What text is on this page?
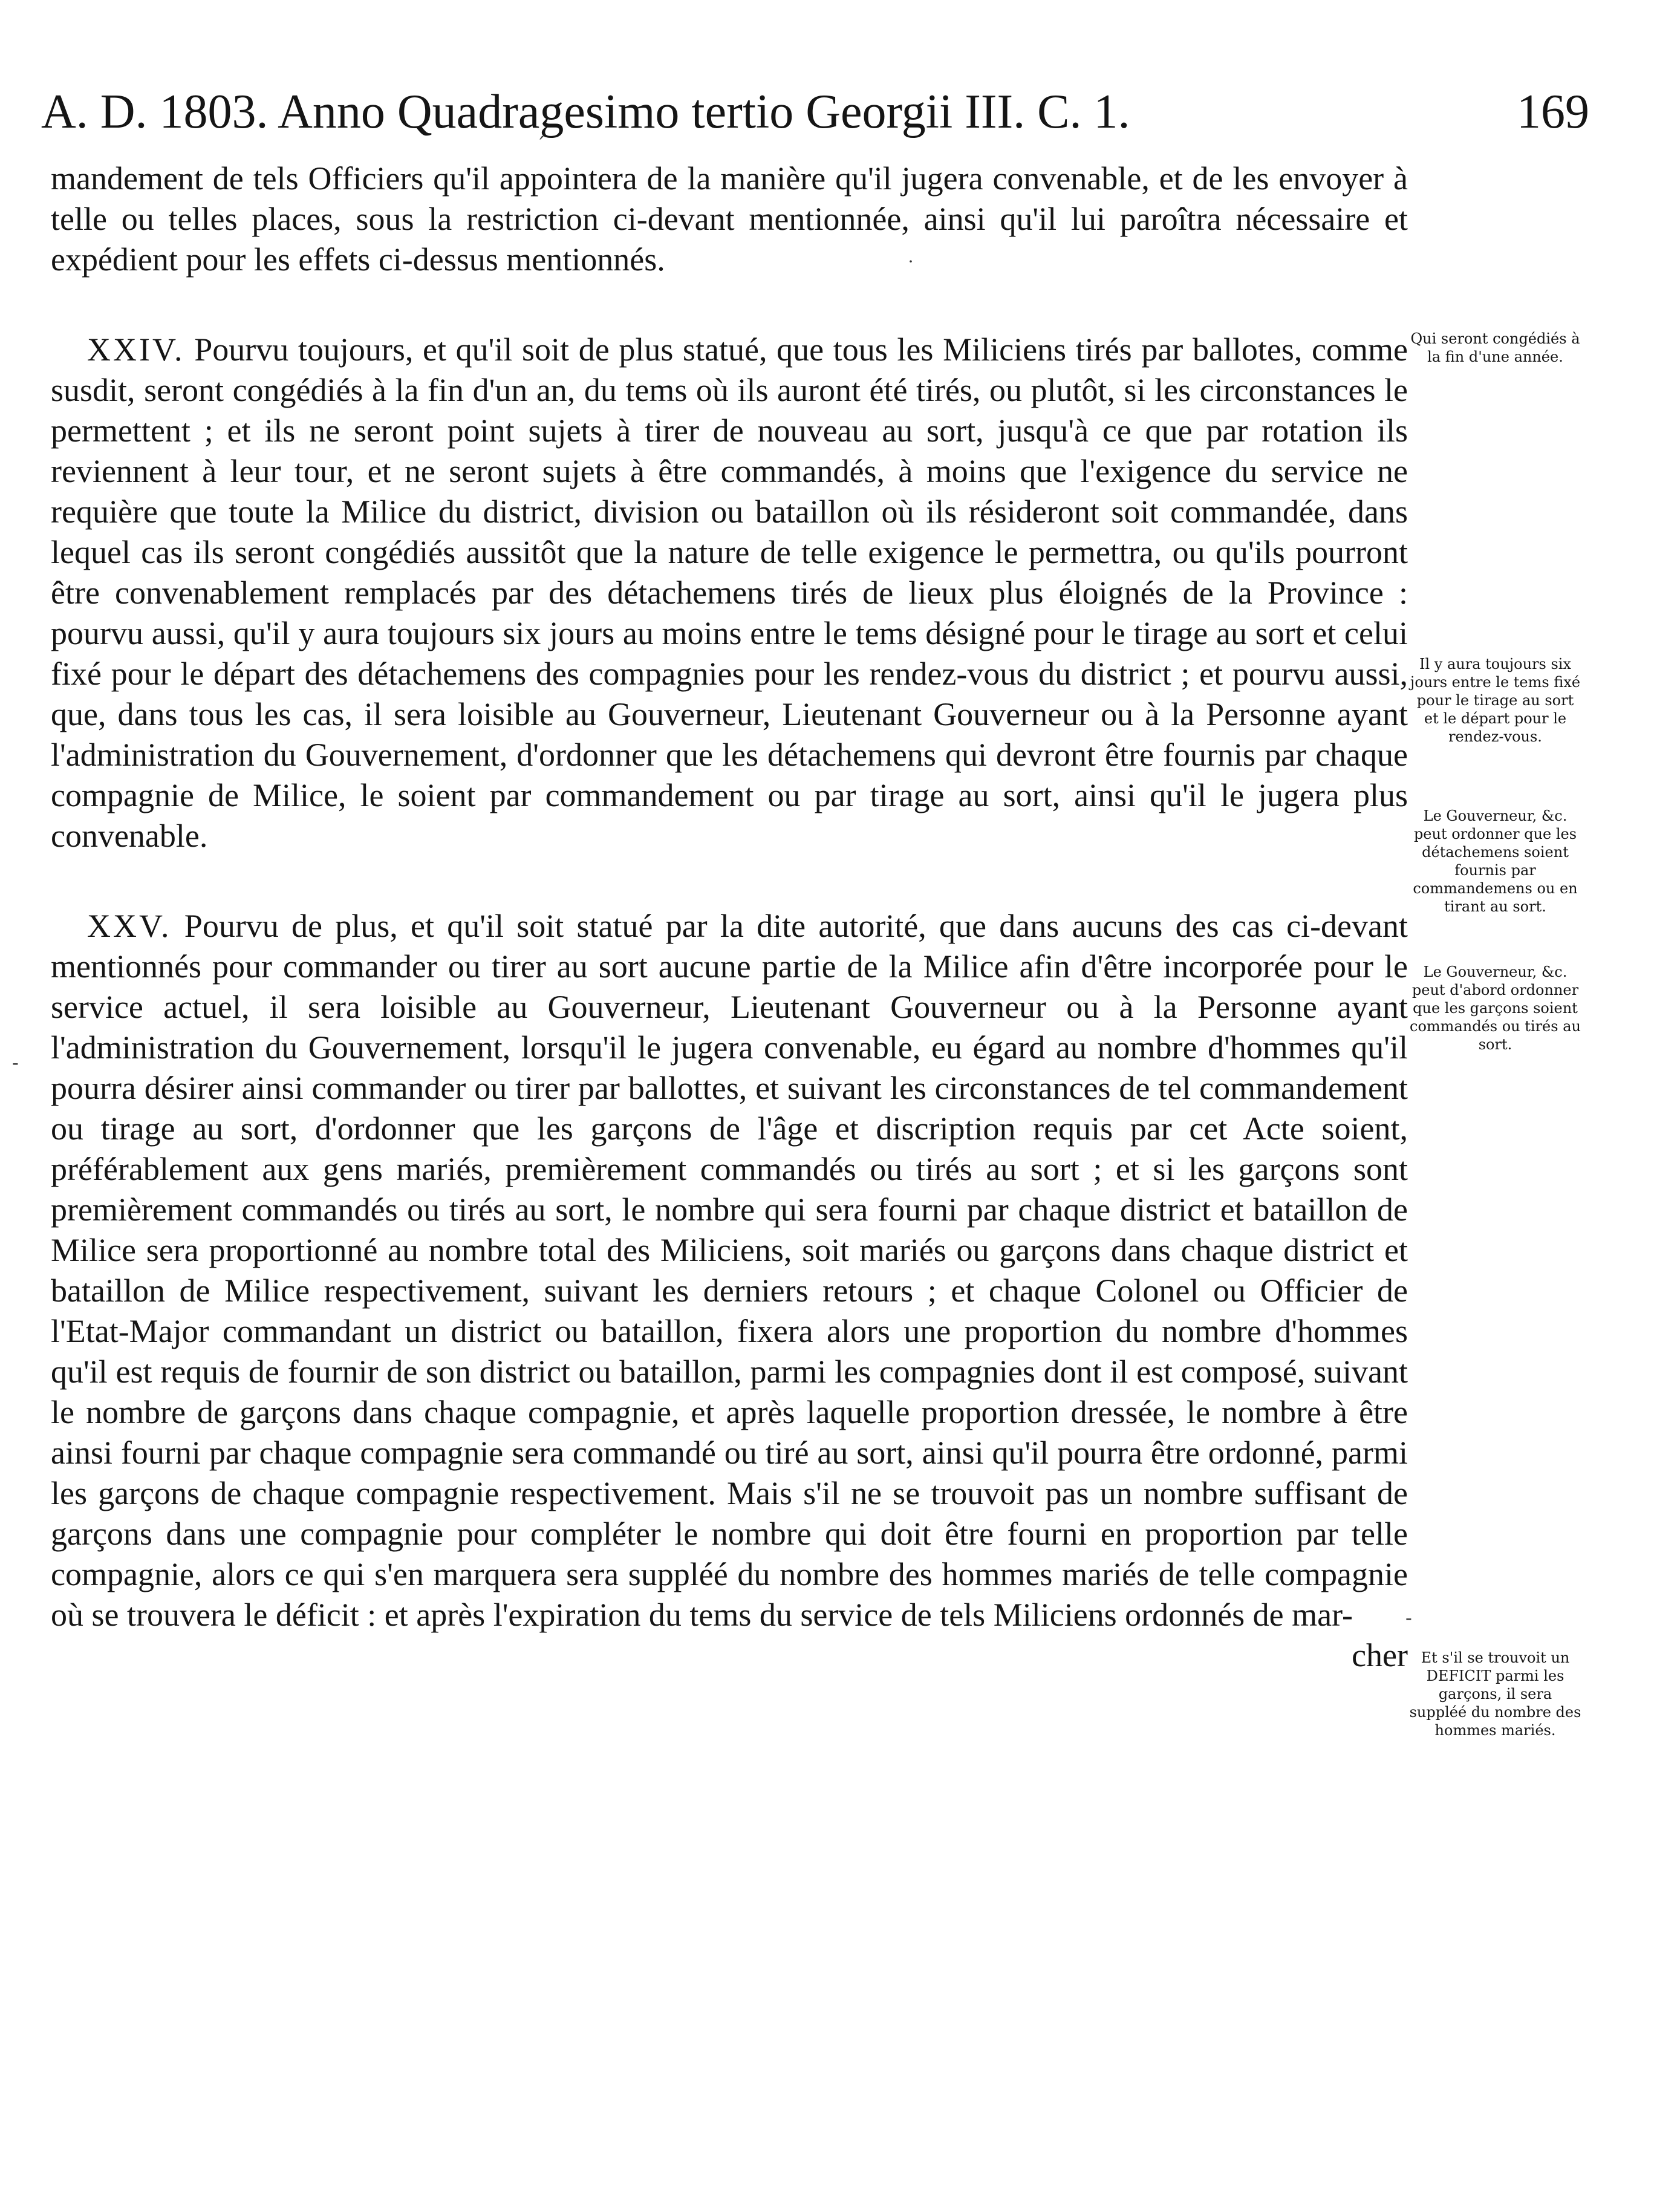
A. D. 1803. Anno Quadragesimo tertio Georgii III. C. 1.	169

mandement de tels Officiers qu'il appointera de la manière qu'il jugera convenable, et de les envoyer à telle ou telles places, sous la restriction ci-devant mentionnée, ainsi qu'il lui paroîtra nécessaire et expédient pour les effets ci-dessus mentionnés.

XXIV. Pourvu toujours, et qu'il soit de plus statué, que tous les Miliciens tirés par ballotes, comme susdit, seront congédiés à la fin d'un an, du tems où ils auront été tirés, ou plutôt, si les circonstances le permettent ; et ils ne seront point sujets à tirer de nouveau au sort, jusqu'à ce que par rotation ils reviennent à leur tour, et ne seront sujets à être commandés, à moins que l'exigence du service ne requière que toute la Milice du district, division ou bataillon où ils résideront soit commandée, dans lequel cas ils seront congédiés aussitôt que la nature de telle exigence le permettra, ou qu'ils pourront être convenablement remplacés par des détachemens tirés de lieux plus éloignés de la Province : pourvu aussi, qu'il y aura toujours six jours au moins entre le tems désigné pour le tirage au sort et celui fixé pour le départ des détachemens des compagnies pour les rendez-vous du district ; et pourvu aussi, que, dans tous les cas, il sera loisible au Gouverneur, Lieutenant Gouverneur ou à la Personne ayant l'administration du Gouvernement, d'ordonner que les détachemens qui devront être fournis par chaque compagnie de Milice, le soient par commandement ou par tirage au sort, ainsi qu'il le jugera plus convenable.

XXV. Pourvu de plus, et qu'il soit statué par la dite autorité, que dans aucuns des cas ci-devant mentionnés pour commander ou tirer au sort aucune partie de la Milice afin d'être incorporée pour le service actuel, il sera loisible au Gouverneur, Lieutenant Gouverneur ou à la Personne ayant l'administration du Gouvernement, lorsqu'il le jugera convenable, eu égard au nombre d'hommes qu'il pourra désirer ainsi commander ou tirer par ballottes, et suivant les circonstances de tel commandement ou tirage au sort, d'ordonner que les garçons de l'âge et discription requis par cet Acte soient, préférablement aux gens mariés, premièrement commandés ou tirés au sort ; et si les garçons sont premièrement commandés ou tirés au sort, le nombre qui sera fourni par chaque district et bataillon de Milice sera proportionné au nombre total des Miliciens, soit mariés ou garçons dans chaque district et bataillon de Milice respectivement, suivant les derniers retours ; et chaque Colonel ou Officier de l'Etat-Major commandant un district ou bataillon, fixera alors une proportion du nombre d'hommes qu'il est requis de fournir de son district ou bataillon, parmi les compagnies dont il est composé, suivant le nombre de garçons dans chaque compagnie, et après laquelle proportion dressée, le nombre à être ainsi fourni par chaque compagnie sera commandé ou tiré au sort, ainsi qu'il pourra être ordonné, parmi les garçons de chaque compagnie respectivement. Mais s'il ne se trouvoit pas un nombre suffisant de garçons dans une compagnie pour compléter le nombre qui doit être fourni en proportion par telle compagnie, alors ce qui s'en marquera sera suppléé du nombre des hommes mariés de telle compagnie où se trouvera le déficit : et après l'expiration du tems du service de tels Miliciens ordonnés de mar-

cher

Qui seront congédiés à la fin d'une année.
Il y aura toujours six jours entre le tems fixé pour le tirage au sort et le départ pour le rendez-vous.
Le Gouverneur, &c. peut ordonner que les détachemens soient fournis par commandemens ou en tirant au sort.
Le Gouverneur, &c. peut d'abord ordonner que les garçons soient commandés ou tirés au sort.
Et s'il se trouvoit un DEFICIT parmi les garçons, il sera suppléé du nombre des hommes mariés.
ˊ
˙
-
-
